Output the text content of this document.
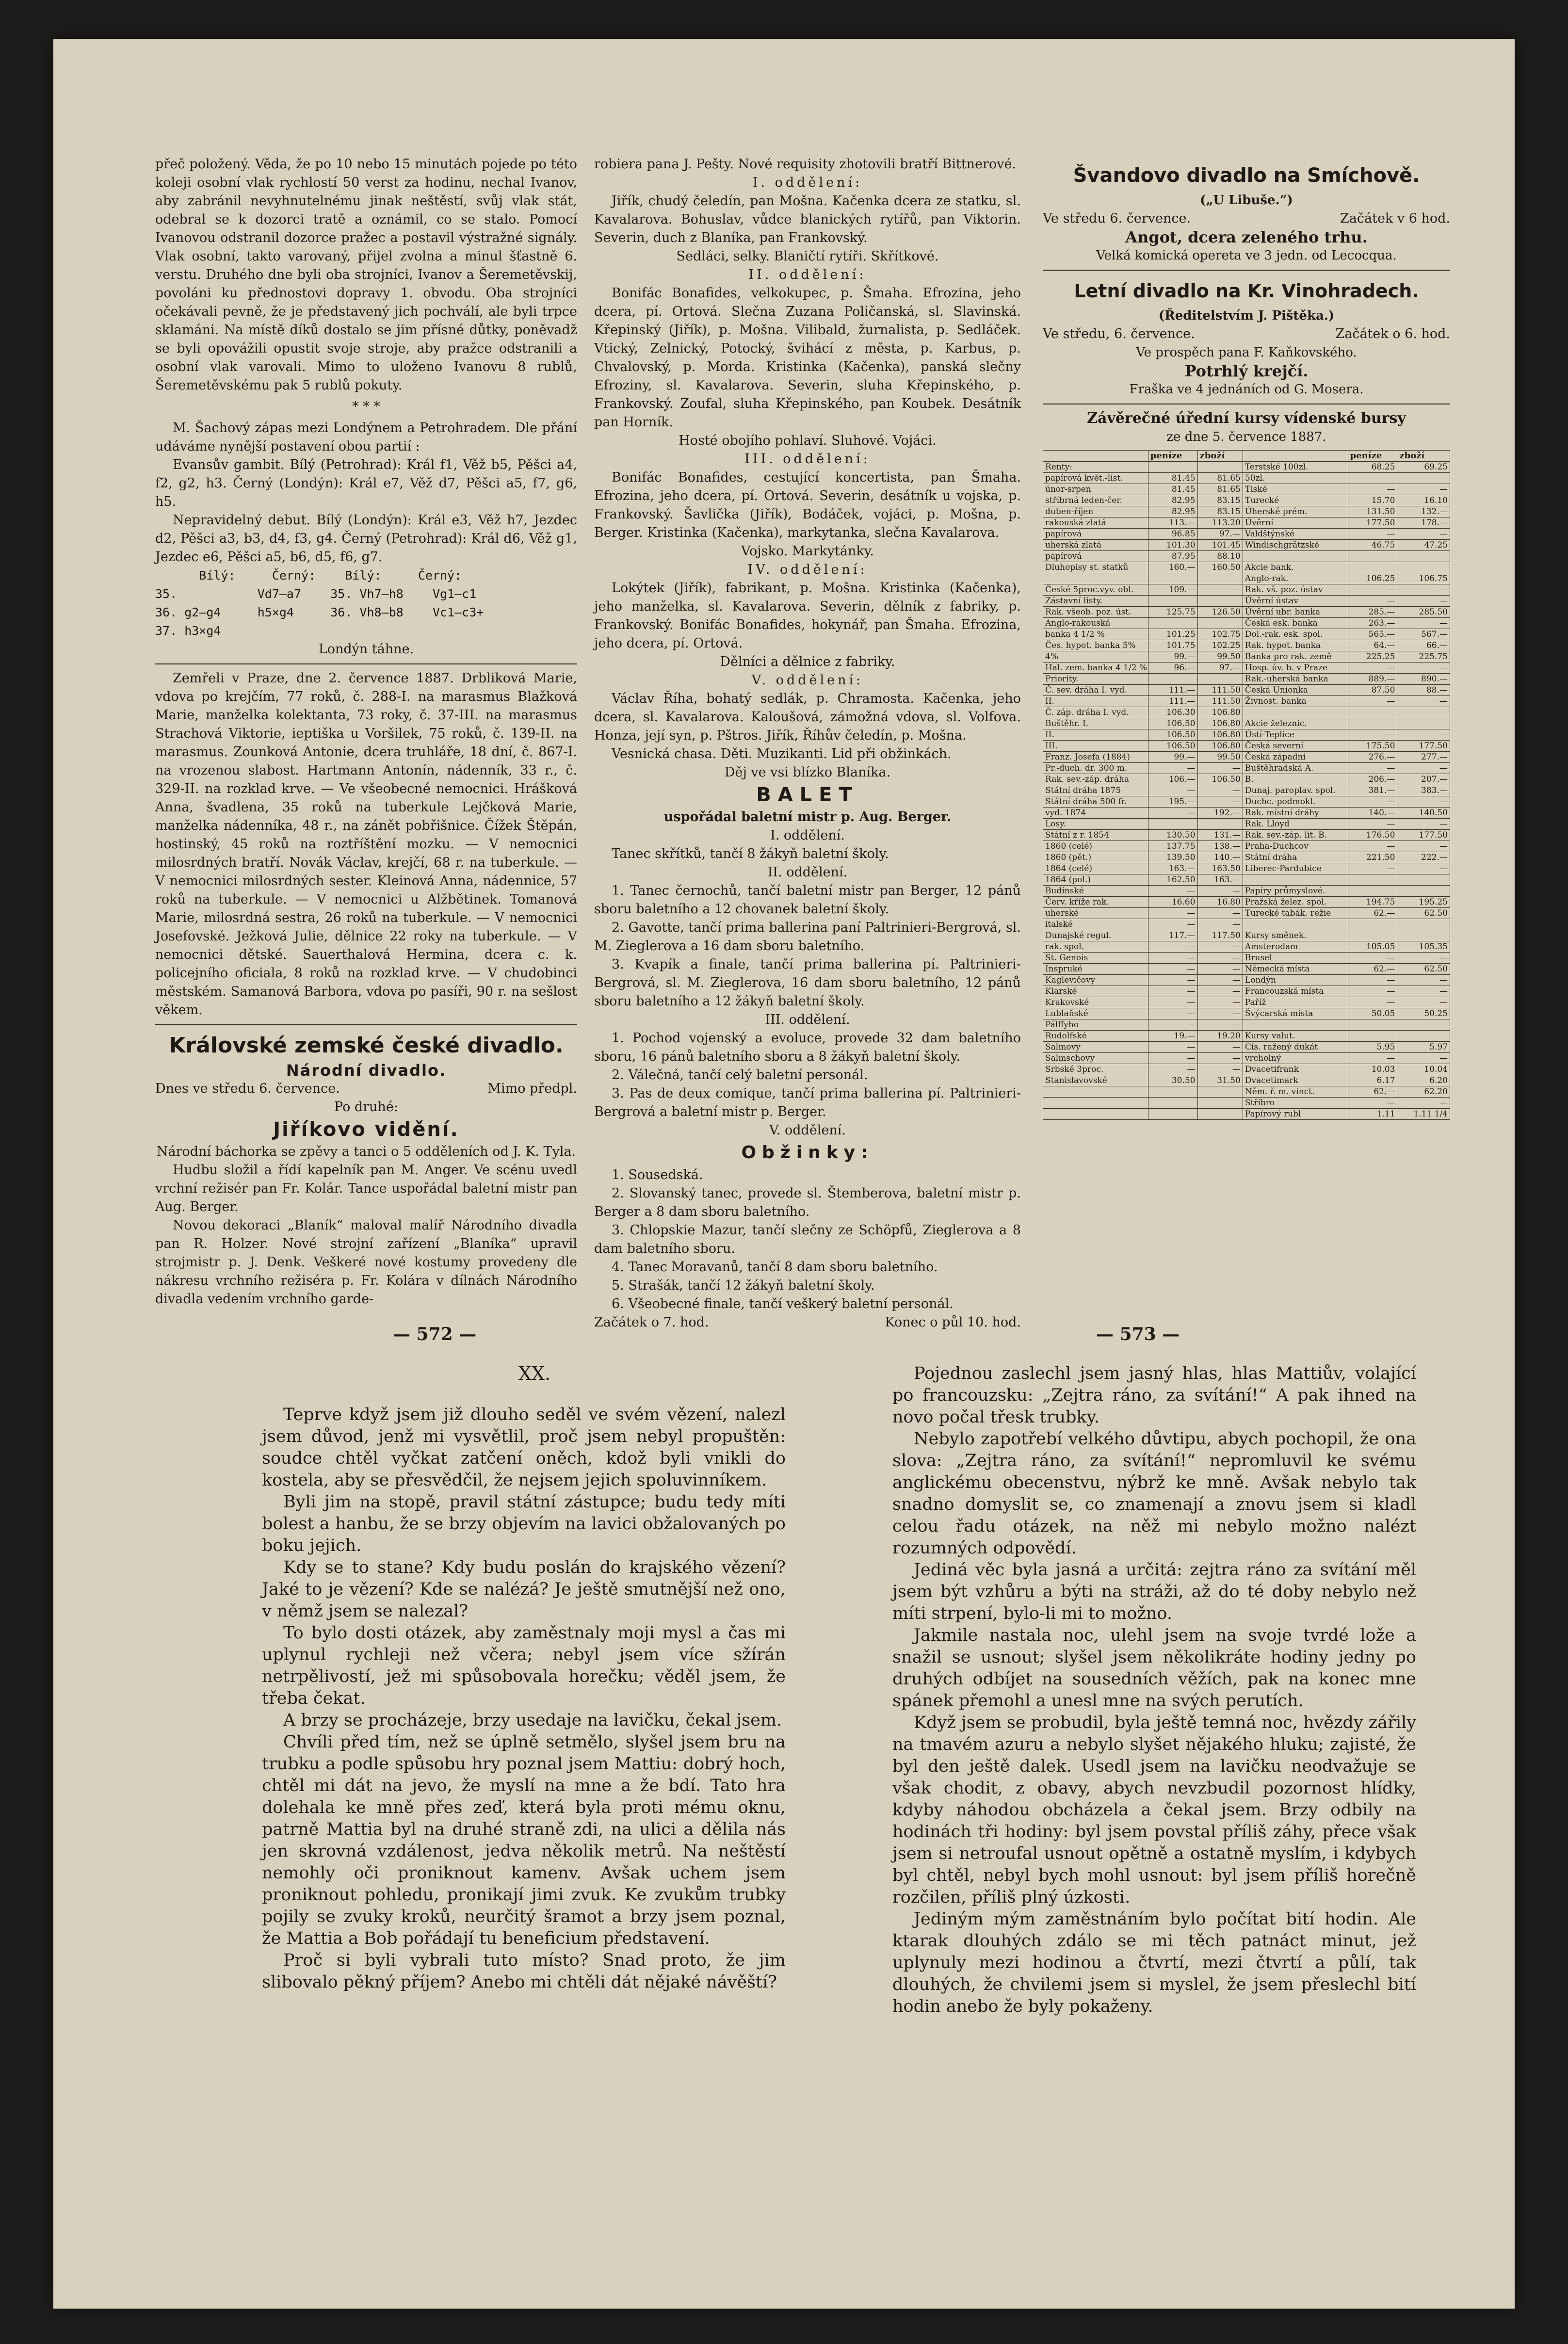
přeč položený. Věda, že po 10 nebo 15 minutách pojede po této koleji osobní vlak rychlostí 50 verst za hodinu, nechal Ivanov, aby zabránil nevyhnutelnému jinak neštěstí, svůj vlak stát, odebral se k dozorci tratě a oznámil, co se stalo. Pomocí Ivanovou odstranil dozorce pražec a postavil výstražné signály. Vlak osobní, takto varovaný, přijel zvolna a minul šťastně 6. verstu. Druhého dne byli oba strojníci, Ivanov a Šeremetěvskij, povoláni ku přednostovi dopravy 1. obvodu. Oba strojníci očekávali pevně, že je představený jich pochválí, ale byli trpce sklamáni. Na místě díků dostalo se jim přísné důtky, poněvadž se byli opovážili opustit svoje stroje, aby pražce odstranili a osobní vlak varovali. Mimo to uloženo Ivanovu 8 rublů, Šeremetěvskému pak 5 rublů pokuty.

* * *

M. Šachový zápas mezi Londýnem a Petrohradem. Dle přání udáváme nynější postavení obou partií :

Evansův gambit. Bílý (Petrohrad): Král f1, Věž b5, Pěšci a4, f2, g2, h3. Černý (Londýn): Král e7, Věž d7, Pěšci a5, f7, g6, h5.

Nepravidelný debut. Bílý (Londýn): Král e3, Věž h7, Jezdec d2, Pěšci a3, b3, d4, f3, g4. Černý (Petrohrad): Král d6, Věž g1, Jezdec e6, Pěšci a5, b6, d5, f6, g7.

Bílý:     Černý:    Bílý:     Černý:
35.           Vd7—a7    35. Vh7—h8    Vg1—c1
36. g2—g4     h5×g4     36. Vh8—b8    Vc1—c3+
37. h3×g4

Londýn táhne.

Zemřeli v Praze, dne 2. července 1887. Drbliková Marie, vdova po krejčím, 77 roků, č. 288-I. na marasmus Blažková Marie, manželka kolektanta, 73 roky, č. 37-III. na marasmus Strachová Viktorie, ieptiška u Voršilek, 75 roků, č. 139-II. na marasmus. Zounková Antonie, dcera truhláře, 18 dní, č. 867-I. na vrozenou slabost. Hartmann Antonín, nádenník, 33 r., č. 329-II. na rozklad krve. — Ve všeobecné nemocnici. Hrášková Anna, švadlena, 35 roků na tuberkule Lejčková Marie, manželka nádenníka, 48 r., na zánět pobřišnice. Čížek Štěpán, hostinský, 45 roků na roztříštění mozku. — V nemocnici milosrdných bratří. Novák Václav, krejčí, 68 r. na tuberkule. — V nemocnici milosrdných sester. Kleinová Anna, nádennice, 57 roků na tuberkule. — V nemocnici u Alžbětinek. Tomanová Marie, milosrdná sestra, 26 roků na tuberkule. — V nemocnici Josefovské. Ježková Julie, dělnice 22 roky na tuberkule. — V nemocnici dětské. Sauerthalová Hermina, dcera c. k. policejního oficiala, 8 roků na rozklad krve. — V chudobinci městském. Samanová Barbora, vdova po pasíři, 90 r. na sešlost věkem.

Královské zemské české divadlo.
Národní divadlo.
Dnes ve středu 6. července.	Mimo předpl.

Po druhé:

Jiříkovo vidění.

Národní báchorka se zpěvy a tanci o 5 odděleních od J. K. Tyla.

Hudbu složil a řídí kapelník pan M. Anger. Ve scénu uvedl vrchní režisér pan Fr. Kolár. Tance uspořádal baletní mistr pan Aug. Berger.

Novou dekoraci „Blaník“ maloval malíř Národního divadla pan R. Holzer. Nové strojní zařízení „Blaníka“ upravil strojmistr p. J. Denk. Veškeré nové kostumy provedeny dle nákresu vrchního režiséra p. Fr. Kolára v dílnách Národního divadla vedením vrchního garde-

robiera pana J. Pešty. Nové requisity zhotovili bratří Bittnerové.

I. oddělení:

Jiřík, chudý čeledín, pan Mošna. Kačenka dcera ze statku, sl. Kavalarova. Bohuslav, vůdce blanických rytířů, pan Viktorin. Severin, duch z Blaníka, pan Frankovský.

Sedláci, selky. Blaničtí rytíři. Skřítkové.

II. oddělení:

Bonifác Bonafides, velkokupec, p. Šmaha. Efrozina, jeho dcera, pí. Ortová. Slečna Zuzana Poličanská, sl. Slavinská. Křepinský (Jiřík), p. Mošna. Vilibald, žurnalista, p. Sedláček. Vtický, Zelnický, Potocký, švihácí z města, p. Karbus, p. Chvalovský, p. Morda. Kristinka (Kačenka), panská slečny Efroziny, sl. Kavalarova. Severin, sluha Křepinského, p. Frankovský. Zoufal, sluha Křepinského, pan Koubek. Desátník pan Horník.

Hosté obojího pohlaví. Sluhové. Vojáci.

III. oddělení:

Bonifác Bonafides, cestující koncertista, pan Šmaha. Efrozina, jeho dcera, pí. Ortová. Severin, desátník u vojska, p. Frankovský. Šavlička (Jiřík), Bodáček, vojáci, p. Mošna, p. Berger. Kristinka (Kačenka), markytanka, slečna Kavalarova.

Vojsko. Markytánky.

IV. oddělení:

Lokýtek (Jiřík), fabrikant, p. Mošna. Kristinka (Kačenka), jeho manželka, sl. Kavalarova. Severin, dělník z fabriky, p. Frankovský. Bonifác Bonafides, hokynář, pan Šmaha. Efrozina, jeho dcera, pí. Ortová.

Dělníci a dělnice z fabriky.

V. oddělení:

Václav Říha, bohatý sedlák, p. Chramosta. Kačenka, jeho dcera, sl. Kavalarova. Kaloušová, zámožná vdova, sl. Volfova. Honza, její syn, p. Pštros. Jiřík, Říhův čeledín, p. Mošna.

Vesnická chasa. Děti. Muzikanti. Lid při obžinkách.

Děj ve vsi blízko Blaníka.

BALET

uspořádal baletní mistr p. Aug. Berger.

I. oddělení.

Tanec skřítků, tančí 8 žákyň baletní školy.

II. oddělení.

1. Tanec černochů, tančí baletní mistr pan Berger, 12 pánů sboru baletního a 12 chovanek baletní školy.

2. Gavotte, tančí prima ballerina paní Paltrinieri-Bergrová, sl. M. Zieglerova a 16 dam sboru baletního.

3. Kvapík a finale, tančí prima ballerina pí. Paltrinieri-Bergrová, sl. M. Zieglerova, 16 dam sboru baletního, 12 pánů sboru baletního a 12 žákyň baletní školy.

III. oddělení.

1. Pochod vojenský a evoluce, provede 32 dam baletního sboru, 16 pánů baletního sboru a 8 žákyň baletní školy.

2. Válečná, tančí celý baletní personál.

3. Pas de deux comique, tančí prima ballerina pí. Paltrinieri-Bergrová a baletní mistr p. Berger.

V. oddělení.

Obžinky:

1. Sousedská.

2. Slovanský tanec, provede sl. Štemberova, baletní mistr p. Berger a 8 dam sboru baletního.

3. Chlopskie Mazur, tančí slečny ze Schöpfů, Zieglerova a 8 dam baletního sboru.

4. Tanec Moravanů, tančí 8 dam sboru baletního.

5. Strašák, tančí 12 žákyň baletní školy.

6. Všeobecné finale, tančí veškerý baletní personál.

Začátek o 7. hod.	Konec o půl 10. hod.
Švandovo divadlo na Smíchově.

(„U Libuše.“)

Ve středu 6. července.	Začátek v 6 hod.

Angot, dcera zeleného trhu.

Velká komická opereta ve 3 jedn. od Lecocqua.

Letní divadlo na Kr. Vinohradech.

(Ředitelstvím J. Pištěka.)

Ve středu, 6. července.	Začátek o 6. hod.

Ve prospěch pana F. Kaňkovského.

Potrhlý krejčí.

Fraška ve 4 jednáních od G. Mosera.

Závěrečné úřední kursy vídenské bursy

ze dne 5. července 1887.

	peníze	zboží		peníze	zboží
Renty:			Terstské 100zl.	68.25	69.25
papírová květ.-list.	81.45	81.65	50zl.		
únor-srpen	81.45	81.65	Tiské	—	—
stříbrná leden-čer.	82.95	83.15	Turecké	15.70	16.10
duben-říjen	82.95	83.15	Úherské prém.	131.50	132.—
rakouská zlatá	113.—	113.20	Úvěrní	177.50	178.—
papírová	96.85	97.—	Valdštýnské	—	—
uherská zlatá	101.30	101.45	Windischgrätzské	46.75	47.25
papírová	87.95	88.10			
Dluhopisy st. statků	160.—	160.50	Akcie bank.		
			Anglo-rak.	106.25	106.75
České 5proc.vyv. obl.	109.—	—	Rak. vš. poz. ústav	—	—
Zástavní listy.			Úvěrní ústav	—	—
Rak. všeob. poz. úst.	125.75	126.50	Úvěrní ubr. banka	285.—	285.50
Anglo-rakouská			Česká esk. banka	263.—	—
banka 4 1/2 %	101.25	102.75	Dol.-rak. esk. spol.	565.—	567.—
Čes. hypot. banka 5%	101.75	102.25	Rak. hypot. banka	64.—	66.—
4%	99.—	99.50	Banka pro rak. země	225.25	225.75
Hal. zem. banka 4 1/2 %	96.—	97.—	Hosp. úv. b. v Praze	—	—
Priority.			Rak.-uherská banka	889.—	890.—
Č. sev. dráha I. vyd.	111.—	111.50	Česká Unionka	87.50	88.—
II.	111.—	111.50	Živnost. banka	—	—
Č. záp. dráha I. vyd.	106.30	106.80			
Buštěhr. I.	106.50	106.80	Akcie železnic.		
II.	106.50	106.80	Ústí-Teplice	—	—
III.	106.50	106.80	Česká severní	175.50	177.50
Franz. Josefa (1884)	99.—	99.50	Česká západní	276.—	277.—
Pr.-duch. dr. 300 m.	—	—	Buštěhradská A.	—	—
Rak. sev.-záp. dráha	106.—	106.50	B.	206.—	207.—
Státní dráha 1875	—	—	Dunaj. paroplav. spol.	381.—	383.—
Státní dráha 500 fr.	195.—	—	Duchc.-podmokl.	—	—
vyd. 1874	—	192.—	Rak. místní dráhy	140.—	140.50
Losy.			Rak. Lloyd	—	—
Státní z r. 1854	130.50	131.—	Rak. sev.-záp. lit. B.	176.50	177.50
1860 (celé)	137.75	138.—	Praha-Duchcov	—	—
1860 (pět.)	139.50	140.—	Státní dráha	221.50	222.—
1864 (celé)	163.—	163.50	Liberec-Pardubice	—	—
1864 (pol.)	162.50	163.—			
Budínské	—	—	Papíry průmyslové.		
Červ. kříže rak.	16.60	16.80	Pražská želez. spol.	194.75	195.25
uherské	—	—	Turecké tabák. režie	62.—	62.50
italské	—	—			
Dunajské regul.	117.—	117.50	Kursy směnek.		
rak. spol.	—	—	Amsterodam	105.05	105.35
St. Genois	—	—	Brusel	—	—
Inspruké	—	—	Německá místa	62.—	62.50
Kaglevičovy	—	—	Londýn	—	—
Klarské	—	—	Francouzská místa	—	—
Krakovské	—	—	Paříž	—	—
Lublaňské	—	—	Švýcarská místa	50.05	50.25
Pálffyho	—	—			
Rudolfské	19.—	19.20	Kursy valut.		
Salmovy	—	—	Cís. ražený dukát	5.95	5.97
Salmschovy	—	—	vrcholný	—	—
Srbské 3proc.	—	—	Dvacetifrank	10.03	10.04
Stanislavovské	30.50	31.50	Dvacetimark	6.17	6.20
			Něm. ř. m. vinct.	62.—	62.20
			Stříbro	—	—
			Papírový rubl	1.11	1.11 1/4
— 572 —	— 573 —

XX.

Teprve když jsem již dlouho seděl ve svém vězení, nalezl jsem důvod, jenž mi vysvětlil, proč jsem nebyl propuštěn: soudce chtěl vyčkat zatčení oněch, kdož byli vnikli do kostela, aby se přesvědčil, že nejsem jejich spoluvinníkem.

Byli jim na stopě, pravil státní zástupce; budu tedy míti bolest a hanbu, že se brzy objevím na lavici obžalovaných po boku jejich.

Kdy se to stane? Kdy budu poslán do krajského vězení? Jaké to je vězení? Kde se nalézá? Je ještě smutnější než ono, v němž jsem se nalezal?

To bylo dosti otázek, aby zaměstnaly moji mysl a čas mi uplynul rychleji než včera; nebyl jsem více sžírán netrpělivostí, jež mi spůsobovala horečku; věděl jsem, že třeba čekat.

A brzy se procházeje, brzy usedaje na lavičku, čekal jsem.

Chvíli před tím, než se úplně setmělo, slyšel jsem bru na trubku a podle spůsobu hry poznal jsem Mattiu: dobrý hoch, chtěl mi dát na jevo, že myslí na mne a že bdí. Tato hra dolehala ke mně přes zeď, která byla proti mému oknu, patrně Mattia byl na druhé straně zdi, na ulici a dělila nás jen skrovná vzdálenost, jedva několik metrů. Na neštěstí nemohly oči proniknout kamenv. Avšak uchem jsem proniknout pohledu, pronikají jimi zvuk. Ke zvukům trubky pojily se zvuky kroků, neurčitý šramot a brzy jsem poznal, že Mattia a Bob pořádají tu beneficium představení.

Proč si byli vybrali tuto místo? Snad proto, že jim slibovalo pěkný příjem? Anebo mi chtěli dát nějaké návěští?

Pojednou zaslechl jsem jasný hlas, hlas Mattiův, volající po francouzsku: „Zejtra ráno, za svítání!“ A pak ihned na novo počal třesk trubky.

Nebylo zapotřebí velkého důvtipu, abych pochopil, že ona slova: „Zejtra ráno, za svítání!“ nepromluvil ke svému anglickému obecenstvu, nýbrž ke mně. Avšak nebylo tak snadno domyslit se, co znamenají a znovu jsem si kladl celou řadu otázek, na něž mi nebylo možno nalézt rozumných odpovědí.

Jediná věc byla jasná a určitá: zejtra ráno za svítání měl jsem být vzhůru a býti na stráži, až do té doby nebylo než míti strpení, bylo-li mi to možno.

Jakmile nastala noc, ulehl jsem na svoje tvrdé lože a snažil se usnout; slyšel jsem několikráte hodiny jedny po druhých odbíjet na sousedních věžích, pak na konec mne spánek přemohl a unesl mne na svých perutích.

Když jsem se probudil, byla ještě temná noc, hvězdy zářily na tmavém azuru a nebylo slyšet nějakého hluku; zajisté, že byl den ještě dalek. Usedl jsem na lavičku neodvažuje se však chodit, z obavy, abych nevzbudil pozornost hlídky, kdyby náhodou obcházela a čekal jsem. Brzy odbily na hodinách tři hodiny: byl jsem povstal příliš záhy, přece však jsem si netroufal usnout opětně a ostatně myslím, i kdybych byl chtěl, nebyl bych mohl usnout: byl jsem příliš horečně rozčilen, příliš plný úzkosti.

Jediným mým zaměstnáním bylo počítat bití hodin. Ale ktarak dlouhých zdálo se mi těch patnáct minut, jež uplynuly mezi hodinou a čtvrtí, mezi čtvrtí a půlí, tak dlouhých, že chvilemi jsem si myslel, že jsem přeslechl bití hodin anebo že byly pokaženy.
